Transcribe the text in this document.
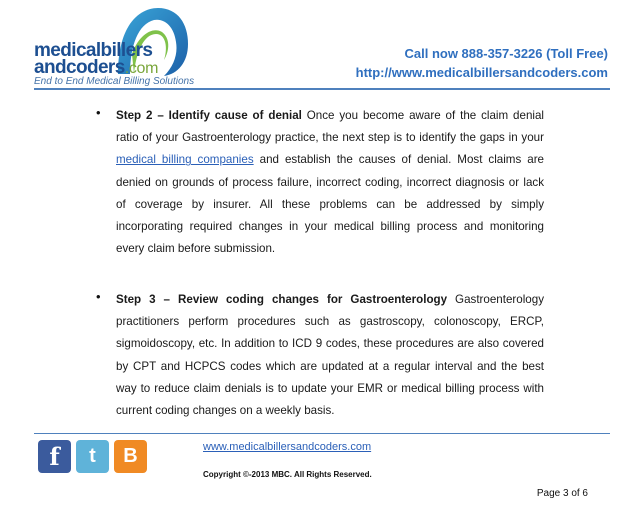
medicalbillers
andcoders.com
End to End Medical Billing Solutions
Call now 888-357-3226 (Toll Free)
http://www.medicalbillersandcoders.com
•	Step 2 – Identify cause of denial Once you become aware of the claim denial ratio of your Gastroenterology practice, the next step is to identify the gaps in your medical billing companies and establish the causes of denial. Most claims are denied on grounds of process failure, incorrect coding, incorrect diagnosis or lack of coverage by insurer. All these problems can be addressed by simply incorporating required changes in your medical billing process and monitoring every claim before submission.
•	Step 3 – Review coding changes for Gastroenterology Gastroenterology practitioners perform procedures such as gastroscopy, colonoscopy, ERCP, sigmoidoscopy, etc. In addition to ICD 9 codes, these procedures are also covered by CPT and HCPCS codes which are updated at a regular interval and the best way to reduce claim denials is to update your EMR or medical billing process with current coding changes on a weekly basis.
f	t	B	www.medicalbillersandcoders.com
Copyright ©-2013 MBC. All Rights Reserved.
Page 3 of 6
